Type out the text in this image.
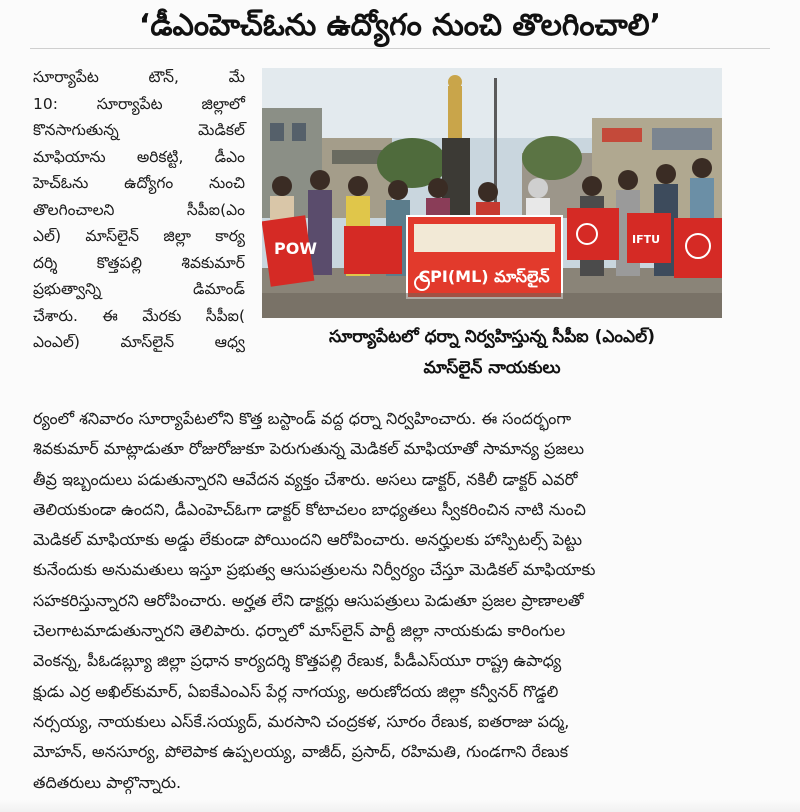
‘డీఎంహెచ్‌ఓను ఉద్యోగం నుంచి తొలగించాలి’
సూర్యాపేట టౌన్, మే
10: సూర్యాపేట జిల్లాలో
కొనసాగుతున్న మెడికల్
మాఫియాను అరికట్టి, డీఎం
హెచ్‌ఓను ఉద్యోగం నుంచి
తొలగించాలని సీపీఐ(ఎం
ఎల్) మాస్‌లైన్ జిల్లా కార్య
దర్శి కొత్తపల్లి శివకుమార్
ప్రభుత్వాన్ని డిమాండ్
చేశారు. ఈ మేరకు సీపీఐ(
ఎంఎల్) మాస్‌లైన్ ఆధ్వ
POW	IFTU
CPI(ML) మాస్‌లైన్
సూర్యాపేటలో ధర్నా నిర్వహిస్తున్న సీపీఐ (ఎంఎల్)
మాస్‌లైన్ నాయకులు
ర్యంలో శనివారం సూర్యాపేటలోని కొత్త బస్టాండ్ వద్ద ధర్నా నిర్వహించారు. ఈ సందర్భంగా
శివకుమార్ మాట్లాడుతూ రోజురోజుకూ పెరుగుతున్న మెడికల్ మాఫియాతో సామాన్య ప్రజలు
తీవ్ర ఇబ్బందులు పడుతున్నారని ఆవేదన వ్యక్తం చేశారు. అసలు డాక్టర్, నకిలీ డాక్టర్ ఎవరో
తెలియకుండా ఉందని, డీఎంహెచ్‌ఓగా డాక్టర్ కోటాచలం బాధ్యతలు స్వీకరించిన నాటి నుంచి
మెడికల్ మాఫియాకు అడ్డు లేకుండా పోయిందని ఆరోపించారు. అనర్హులకు హాస్పిటల్స్ పెట్టు
కునేందుకు అనుమతులు ఇస్తూ ప్రభుత్వ ఆసుపత్రులను నిర్వీర్యం చేస్తూ మెడికల్ మాఫియాకు
సహకరిస్తున్నారని ఆరోపించారు. అర్హత లేని డాక్టర్లు ఆసుపత్రులు పెడుతూ ప్రజల ప్రాణాలతో
చెలగాటమాడుతున్నారని తెలిపారు. ధర్నాలో మాస్‌లైన్ పార్టీ జిల్లా నాయకుడు కారింగుల
వెంకన్న, పీఓడబ్ల్యూ జిల్లా ప్రధాన కార్యదర్శి కొత్తపల్లి రేణుక, పీడీఎస్‌యూ రాష్ట్ర ఉపాధ్య
క్షుడు ఎర్ర అఖిల్‌కుమార్, ఏఐకేఎంఎస్ పేర్ల నాగయ్య, అరుణోదయ జిల్లా కన్వీనర్ గొడ్డలి
నర్సయ్య, నాయకులు ఎస్‌కే.సయ్యద్, మరసాని చంద్రకళ, సూరం రేణుక, ఐతరాజు పద్మ,
మోహన్, అనసూర్య, పోలెపాక ఉప్పలయ్య, వాజీద్, ప్రసాద్, రహిమతి, గుండగాని రేణుక
తదితరులు పాల్గొన్నారు.
